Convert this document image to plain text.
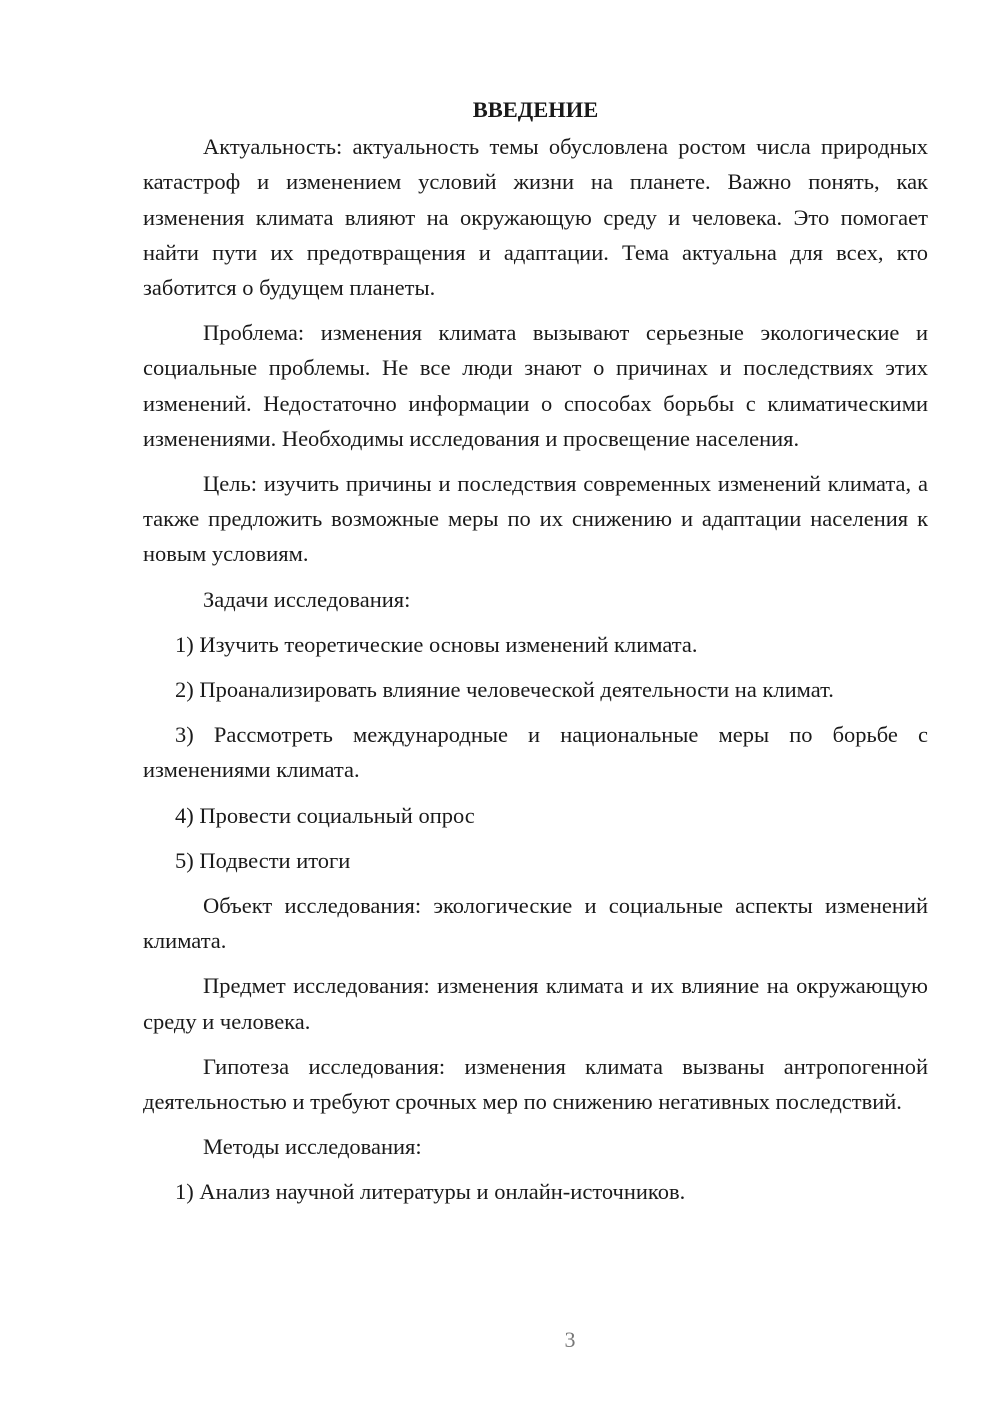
ВВЕДЕНИЕ

Актуальность: актуальность темы обусловлена ростом числа природных катастроф и изменением условий жизни на планете. Важно понять, как изменения климата влияют на окружающую среду и человека. Это помогает найти пути их предотвращения и адаптации. Тема актуальна для всех, кто заботится о будущем планеты.

Проблема: изменения климата вызывают серьезные экологические и социальные проблемы. Не все люди знают о причинах и последствиях этих изменений. Недостаточно информации о способах борьбы с климатическими изменениями. Необходимы исследования и просвещение населения.

Цель: изучить причины и последствия современных изменений климата, а также предложить возможные меры по их снижению и адаптации населения к новым условиям.

Задачи исследования:

1) Изучить теоретические основы изменений климата.

2) Проанализировать влияние человеческой деятельности на климат.

3) Рассмотреть международные и национальные меры по борьбе с изменениями климата.

4) Провести социальный опрос

5) Подвести итоги

Объект исследования: экологические и социальные аспекты изменений климата.

Предмет исследования: изменения климата и их влияние на окружающую среду и человека.

Гипотеза исследования: изменения климата вызваны антропогенной деятельностью и требуют срочных мер по снижению негативных последствий.

Методы исследования:

1) Анализ научной литературы и онлайн-источников.

3
